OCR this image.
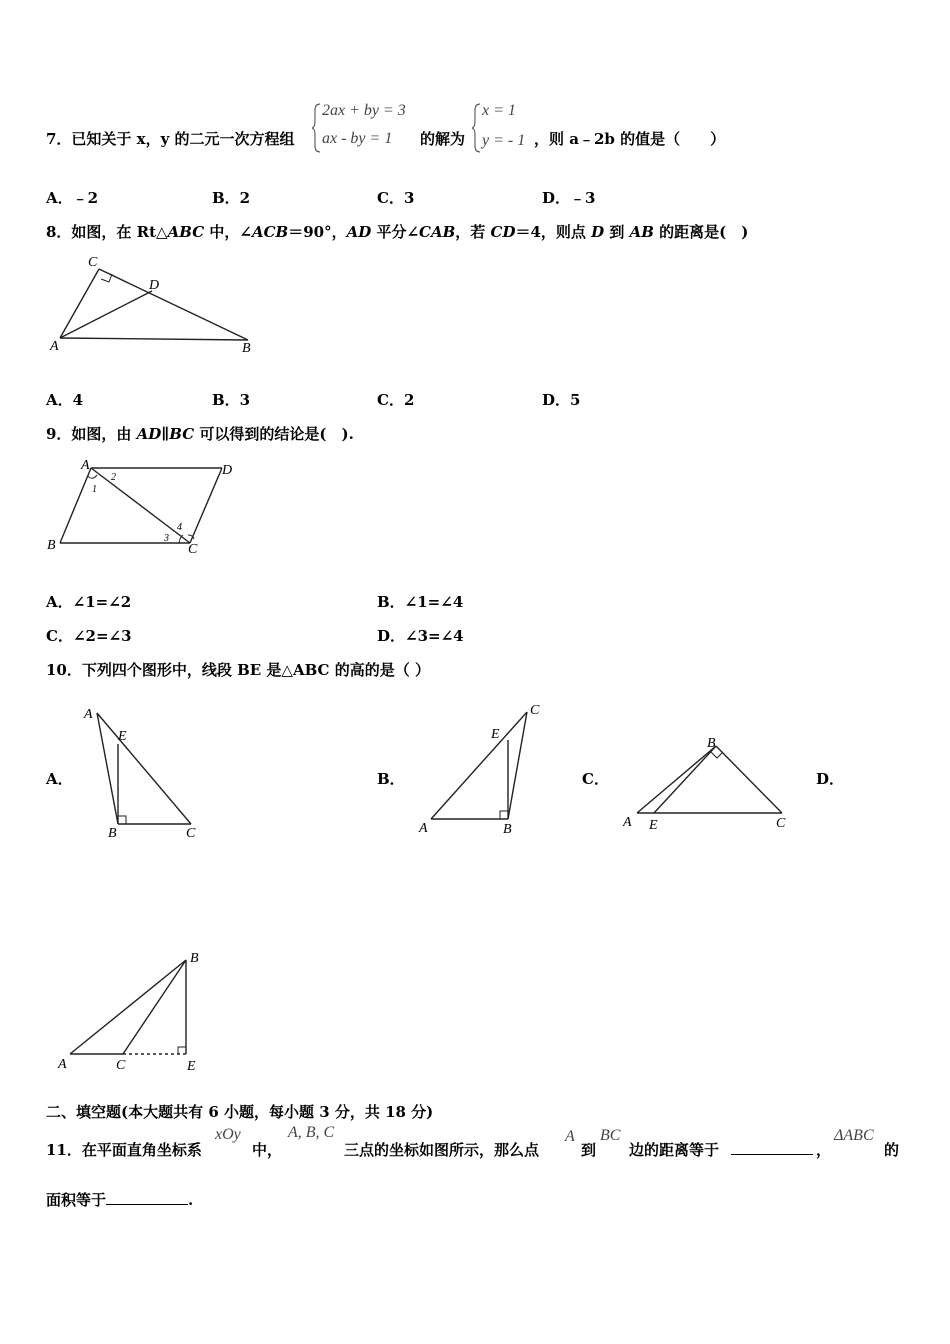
7．已知关于 x，y 的二元一次方程组
2ax + by = 3
ax - by = 1 的解为
x = 1
y = - 1 ，则 a﹣2b 的值是（　　）
A．﹣2	B．2	C．3	D．﹣3
8．如图，在 Rt△ABC 中，∠ACB＝90°，AD 平分∠CAB，若 CD＝4，则点 D 到 AB 的距离是(　)
C
D
A	B
A．4	B．3	C．2	D．5
9．如图，由 AD∥BC 可以得到的结论是(　).
A	D
B	C
1
2
3
4
A．∠1=∠2	B．∠1=∠4
C．∠2=∠3	D．∠3=∠4
10．下列四个图形中，线段 BE 是△ABC 的高的是（ ）
A．
A
E
B	C
B．
C
E
A	B
C．
B
A E	C
D．
B
A	C	E
二、填空题(本大题共有 6 小题，每小题 3 分，共 18 分)
11．在平面直角坐标系
xOy
中，
A, B, C
三点的坐标如图所示，那么点
A
到
BC
边的距离等于	，
ΔABC
的
面积等于	.
